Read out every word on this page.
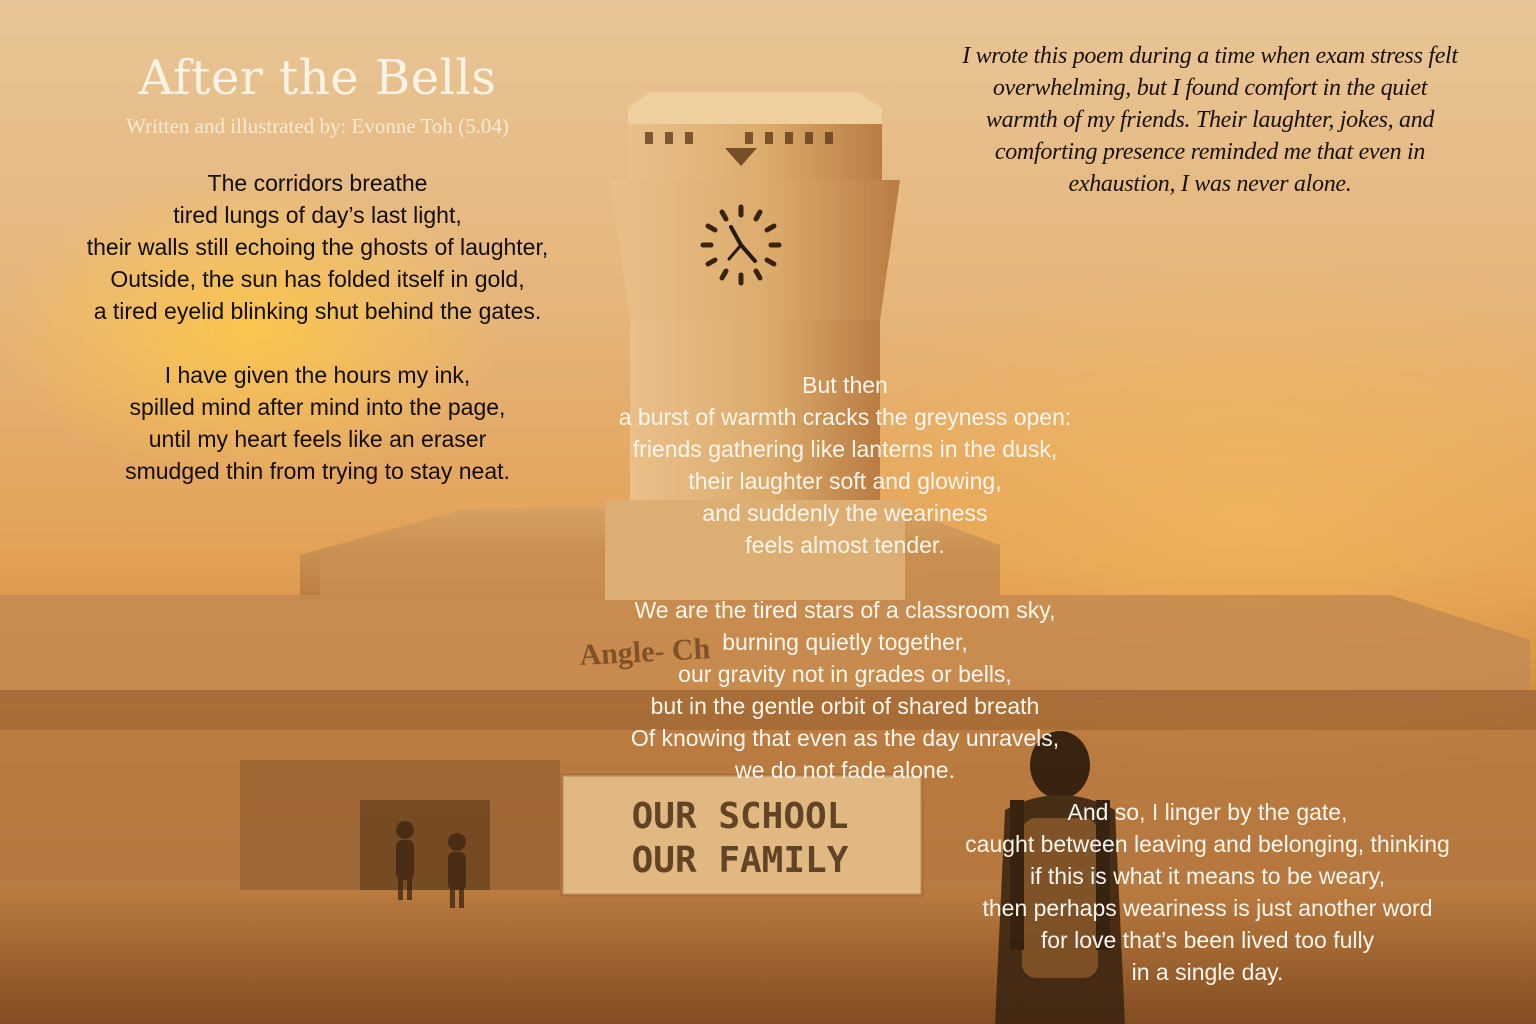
Angle- Ch
OUR SCHOOL
OUR FAMILY
After the Bells
Written and illustrated by: Evonne Toh (5.04)

The corridors breathe
tired lungs of day’s last light,
their walls still echoing the ghosts of laughter,
Outside, the sun has folded itself in gold,
a tired eyelid blinking shut behind the gates.

I have given the hours my ink,
spilled mind after mind into the page,
until my heart feels like an eraser
smudged thin from trying to stay neat.

But then
a burst of warmth cracks the greyness open:
friends gathering like lanterns in the dusk,
their laughter soft and glowing,
and suddenly the weariness
feels almost tender.

We are the tired stars of a classroom sky,
burning quietly together,
our gravity not in grades or bells,
but in the gentle orbit of shared breath
Of knowing that even as the day unravels,
we do not fade alone.

And so, I linger by the gate,
caught between leaving and belonging, thinking
if this is what it means to be weary,
then perhaps weariness is just another word
for love that’s been lived too fully
in a single day.

I wrote this poem during a time when exam stress felt overwhelming, but I found comfort in the quiet warmth of my friends. Their laughter, jokes, and comforting presence reminded me that even in exhaustion, I was never alone.
